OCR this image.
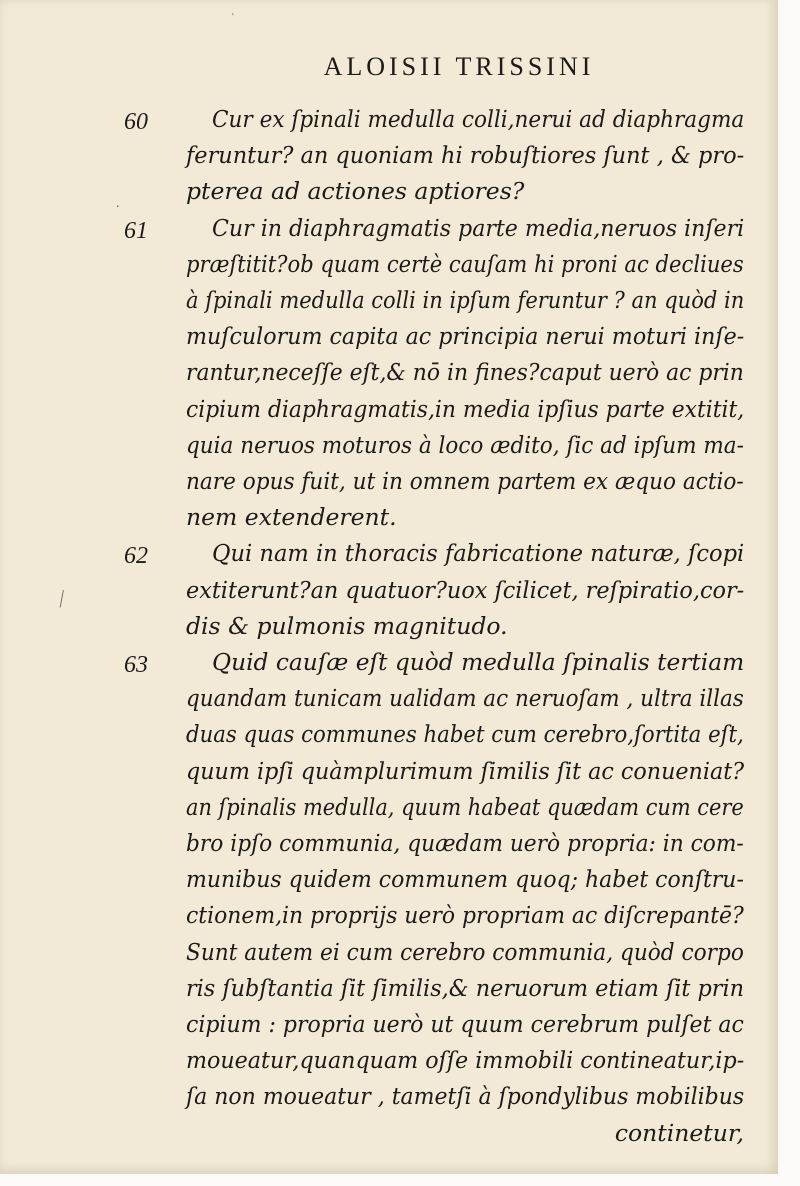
'
.
⁄
ALOISII TRISSINI
60	Cur ex ſpinali medulla colli,nerui ad diaphragma
feruntur? an quoniam hi robuſtiores ſunt , & pro-
pterea ad actiones aptiores?
61	Cur in diaphragmatis parte media,neruos inſeri
præſtitit?ob quam certè cauſam hi proni ac decliues
à ſpinali medulla colli in ipſum feruntur ? an quòd in
muſculorum capita ac principia nerui moturi inſe-
rantur,neceſſe eſt,& nō in fines?caput uerò ac prin
cipium diaphragmatis,in media ipſius parte extitit,
quia neruos moturos à loco ædito, ſic ad ipſum ma-
nare opus fuit, ut in omnem partem ex æquo actio-
nem extenderent.
62	Qui nam in thoracis fabricatione naturæ, ſcopi
extiterunt?an quatuor?uox ſcilicet, reſpiratio,cor-
dis & pulmonis magnitudo.
63	Quid cauſæ eſt quòd medulla ſpinalis tertiam
quandam tunicam ualidam ac neruoſam , ultra illas
duas quas communes habet cum cerebro,ſortita eſt,
quum ipſi quàmplurimum ſimilis ſit ac conueniat?
an ſpinalis medulla, quum habeat quædam cum cere
bro ipſo communia, quædam uerò propria: in com-
munibus quidem communem quoq; habet conſtru-
ctionem,in proprijs uerò propriam ac diſcrepantē?
Sunt autem ei cum cerebro communia, quòd corpo
ris ſubſtantia ſit ſimilis,& neruorum etiam ſit prin
cipium : propria uerò ut quum cerebrum pulſet ac
moueatur,quanquam oſſe immobili contineatur,ip-
ſa non moueatur , tametſi à ſpondylibus mobilibus
continetur,
